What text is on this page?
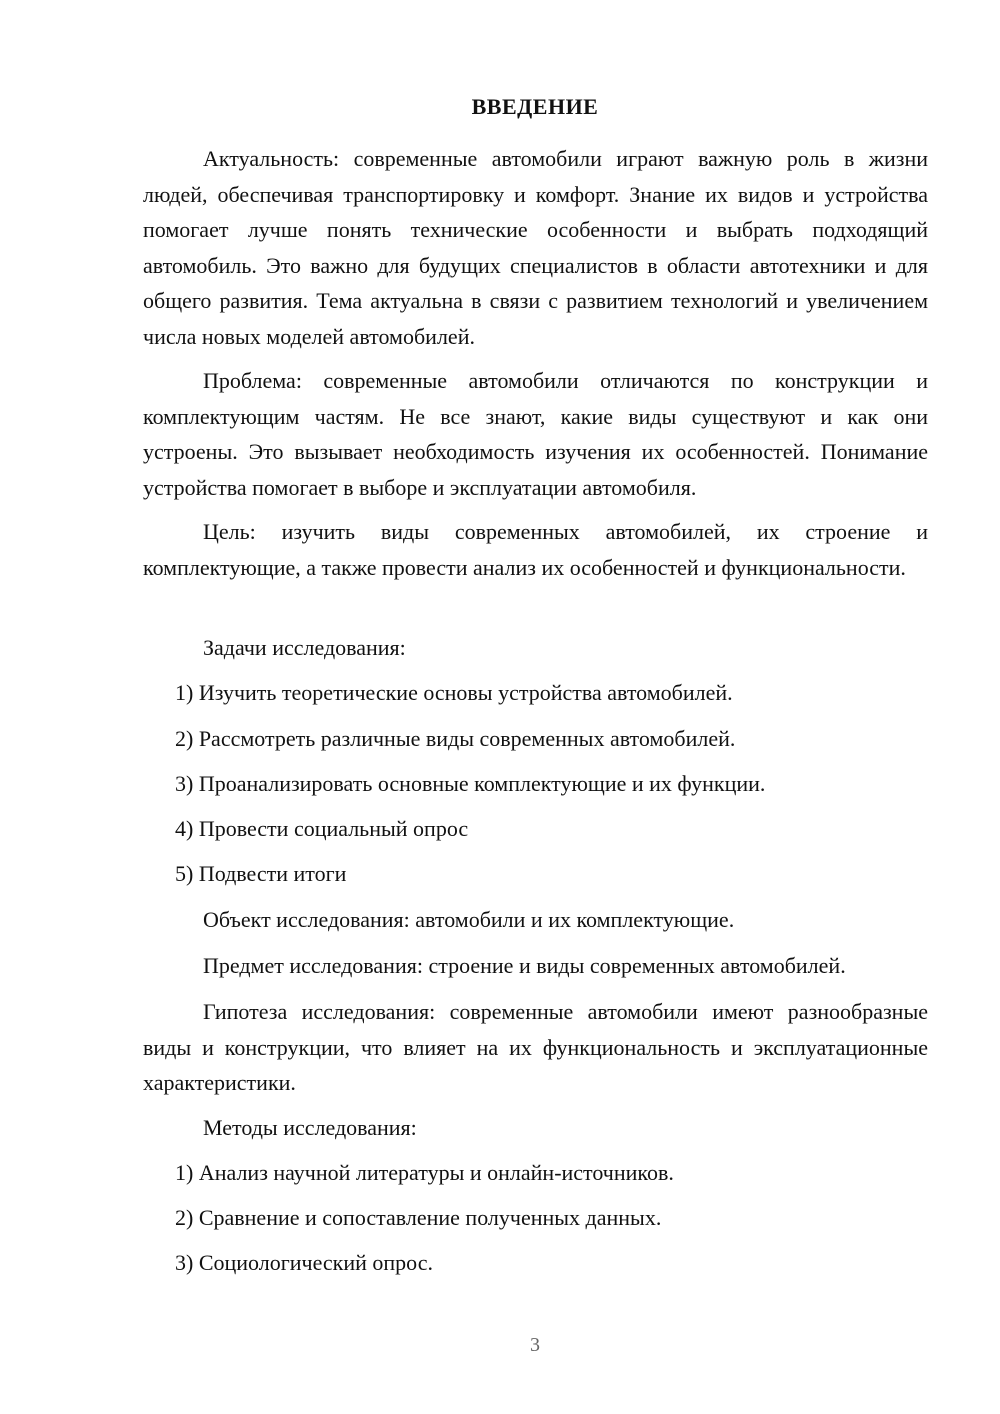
ВВЕДЕНИЕ
Актуальность: современные автомобили играют важную роль в жизни людей, обеспечивая транспортировку и комфорт. Знание их видов и устройства помогает лучше понять технические особенности и выбрать подходящий автомобиль. Это важно для будущих специалистов в области автотехники и для общего развития. Тема актуальна в связи с развитием технологий и увеличением числа новых моделей автомобилей.
Проблема: современные автомобили отличаются по конструкции и комплектующим частям. Не все знают, какие виды существуют и как они устроены. Это вызывает необходимость изучения их особенностей. Понимание устройства помогает в выборе и эксплуатации автомобиля.
Цель: изучить виды современных автомобилей, их строение и комплектующие, а также провести анализ их особенностей и функциональности.
Задачи исследования:
1) Изучить теоретические основы устройства автомобилей.
2) Рассмотреть различные виды современных автомобилей.
3) Проанализировать основные комплектующие и их функции.
4) Провести социальный опрос
5) Подвести итоги
Объект исследования: автомобили и их комплектующие.
Предмет исследования: строение и виды современных автомобилей.
Гипотеза исследования: современные автомобили имеют разнообразные виды и конструкции, что влияет на их функциональность и эксплуатационные характеристики.
Методы исследования:
1) Анализ научной литературы и онлайн-источников.
2) Сравнение и сопоставление полученных данных.
3) Социологический опрос.
3
